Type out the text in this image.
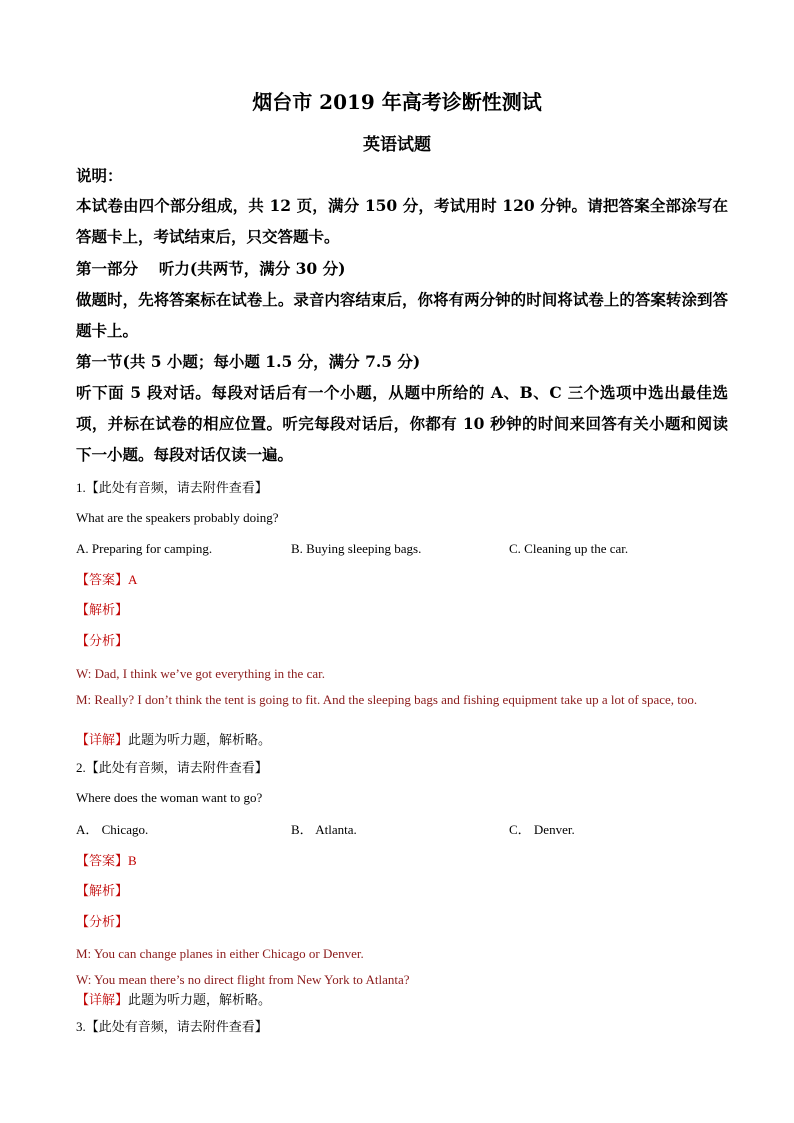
烟台市 2019 年高考诊断性测试
英语试题
说明：
本试卷由四个部分组成，共 12 页，满分 150 分，考试用时 120 分钟。请把答案全部涂写在答题卡上，考试结束后，只交答题卡。
第一部分　 听力(共两节，满分 30 分)
做题时，先将答案标在试卷上。录音内容结束后，你将有两分钟的时间将试卷上的答案转涂到答题卡上。
第一节(共 5 小题；每小题 1.5 分，满分 7.5 分)
听下面 5 段对话。每段对话后有一个小题，从题中所给的 A、B、C 三个选项中选出最佳选项，并标在试卷的相应位置。听完每段对话后，你都有 10 秒钟的时间来回答有关小题和阅读下一小题。每段对话仅读一遍。
1.【此处有音频，请去附件查看】
What are the speakers probably doing?
A. Preparing for camping.	B. Buying sleeping bags.	C. Cleaning up the car.
【答案】A
【解析】
【分析】
W: Dad, I think we’ve got everything in the car.
M: Really? I don’t think the tent is going to fit. And the sleeping bags and fishing equipment take up a lot of space, too.
【详解】此题为听力题，解析略。
2.【此处有音频，请去附件查看】
Where does the woman want to go?
A． Chicago.	B． Atlanta.	C． Denver.
【答案】B
【解析】
【分析】
M: You can change planes in either Chicago or Denver.
W: You mean there’s no direct flight from New York to Atlanta?
【详解】此题为听力题，解析略。
3.【此处有音频，请去附件查看】
